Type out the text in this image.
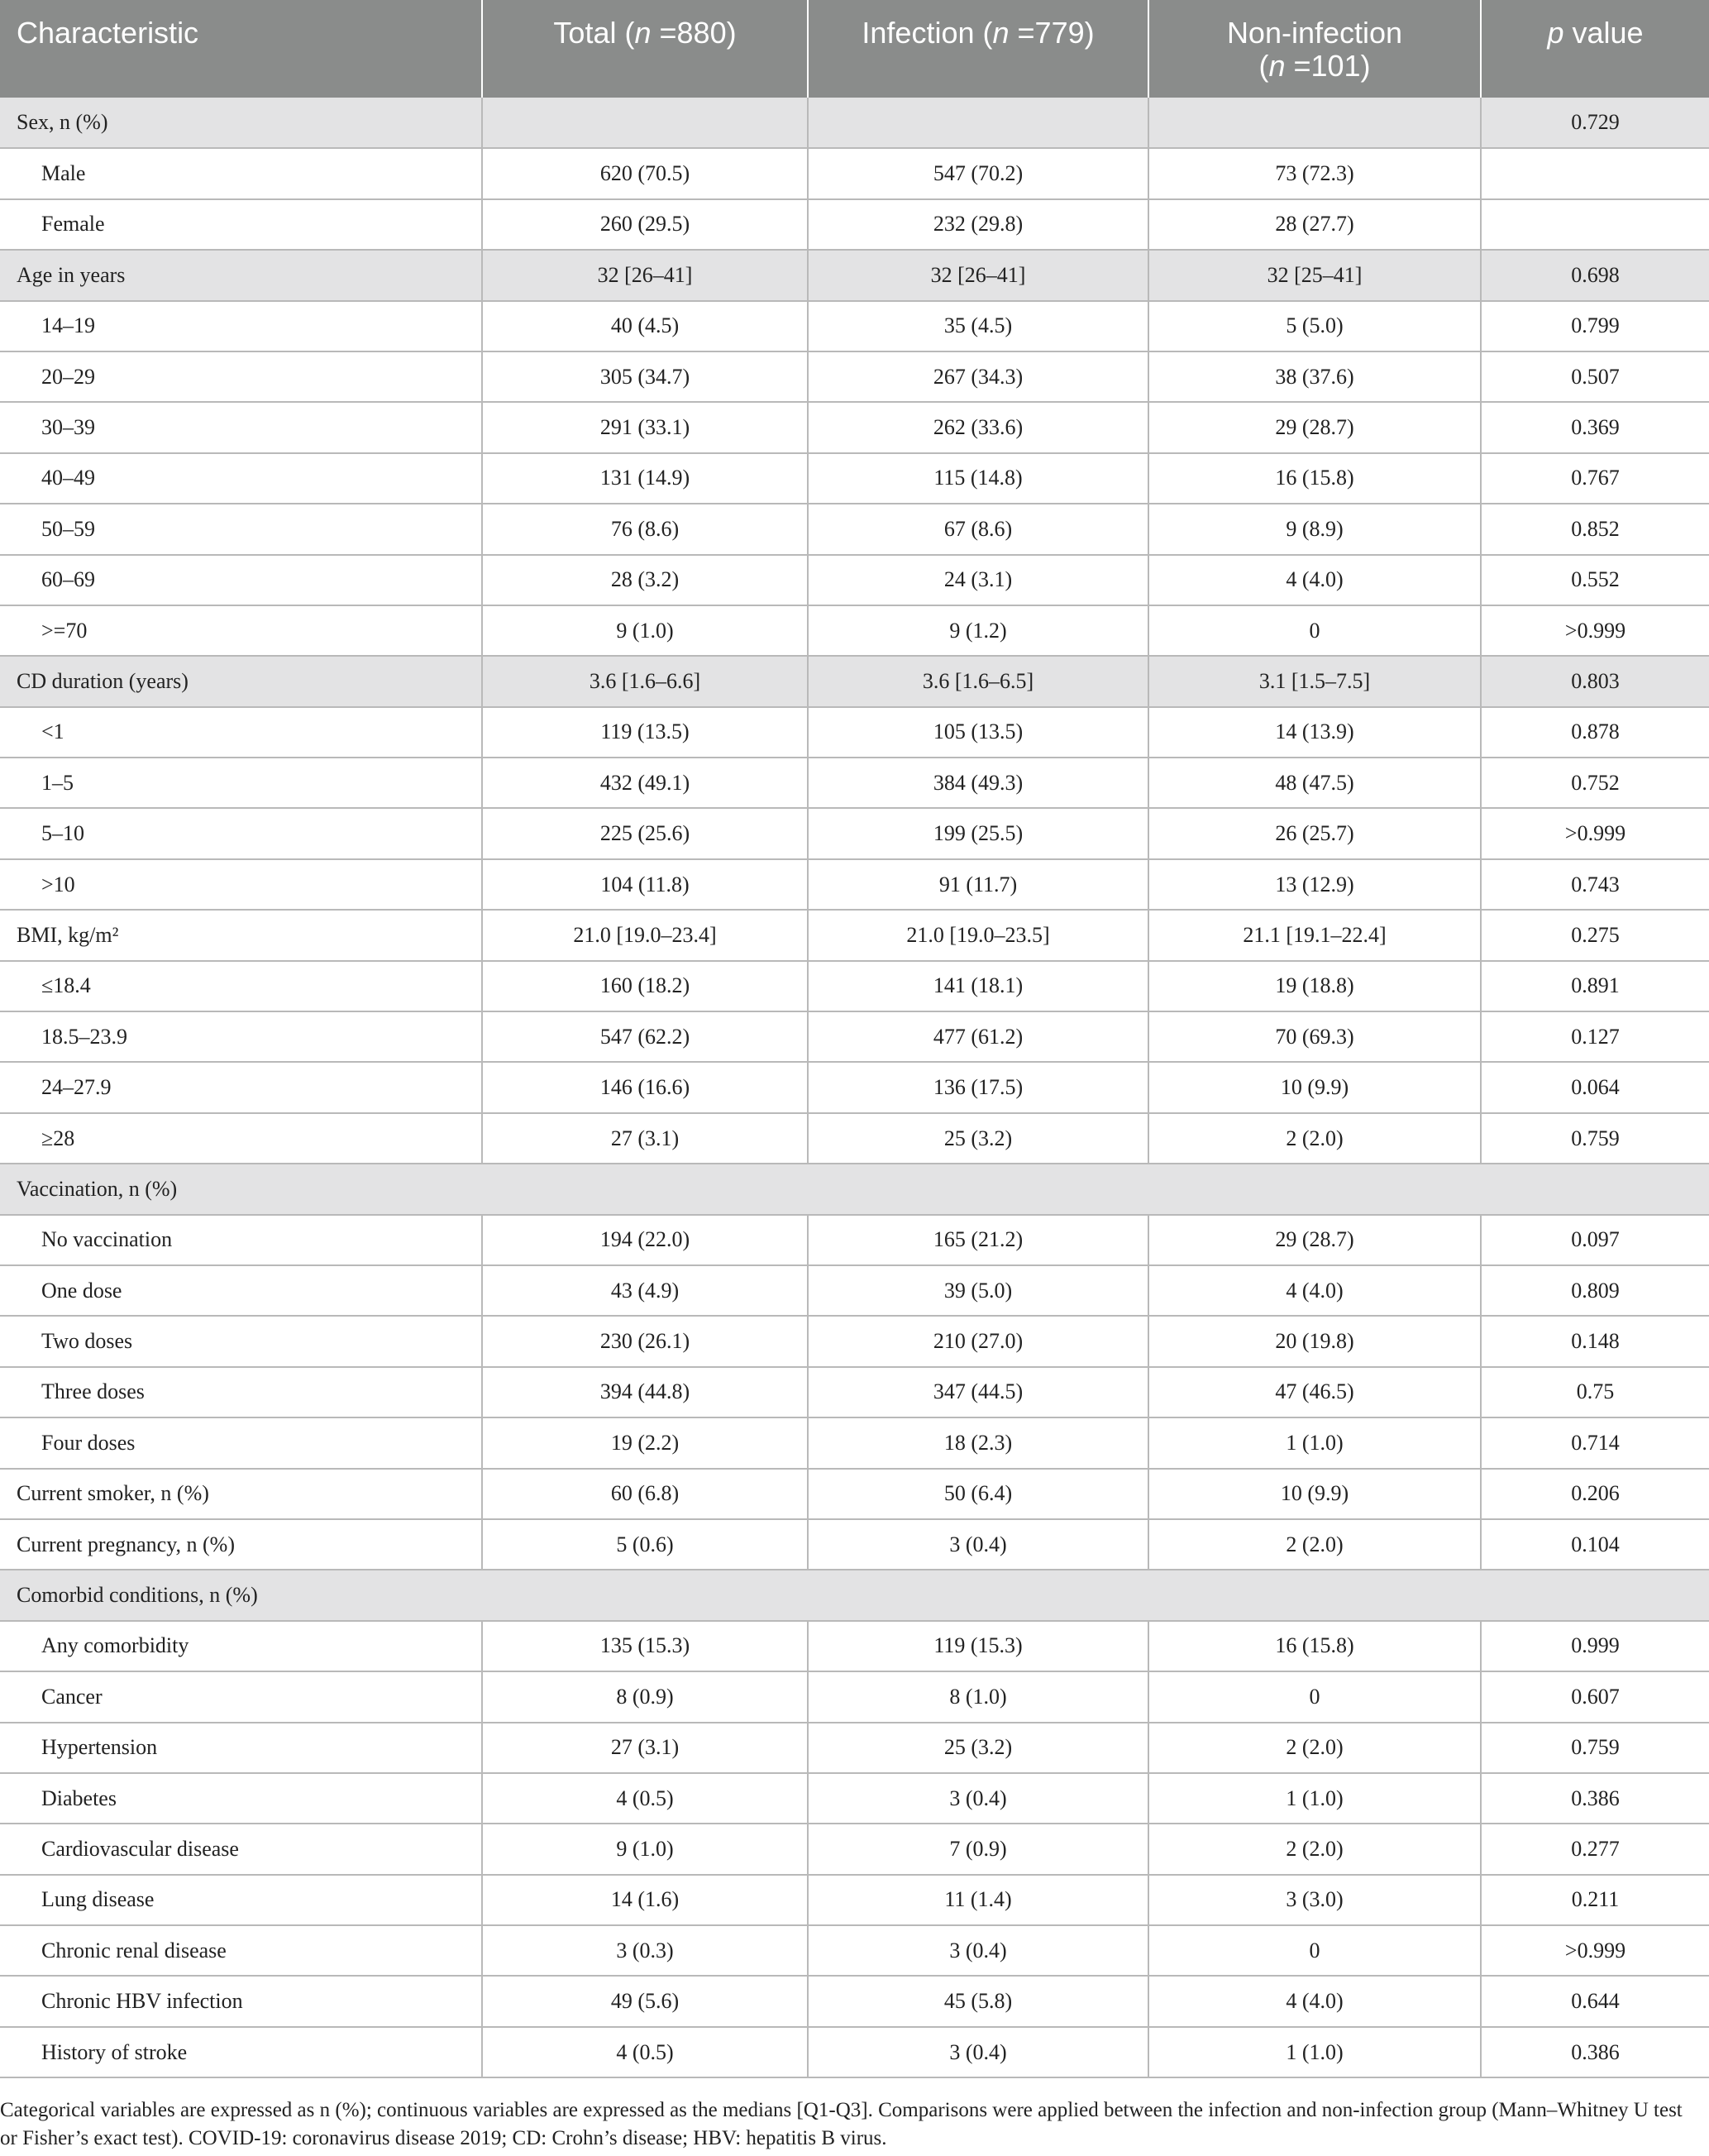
Characteristic	Total (n =880)	Infection (n =779)	Non-infection
(n =101)	p value
Sex, n (%)				0.729
Male	620 (70.5)	547 (70.2)	73 (72.3)	
Female	260 (29.5)	232 (29.8)	28 (27.7)	
Age in years	32 [26–41]	32 [26–41]	32 [25–41]	0.698
14–19	40 (4.5)	35 (4.5)	5 (5.0)	0.799
20–29	305 (34.7)	267 (34.3)	38 (37.6)	0.507
30–39	291 (33.1)	262 (33.6)	29 (28.7)	0.369
40–49	131 (14.9)	115 (14.8)	16 (15.8)	0.767
50–59	76 (8.6)	67 (8.6)	9 (8.9)	0.852
60–69	28 (3.2)	24 (3.1)	4 (4.0)	0.552
>=70	9 (1.0)	9 (1.2)	0	>0.999
CD duration (years)	3.6 [1.6–6.6]	3.6 [1.6–6.5]	3.1 [1.5–7.5]	0.803
<1	119 (13.5)	105 (13.5)	14 (13.9)	0.878
1–5	432 (49.1)	384 (49.3)	48 (47.5)	0.752
5–10	225 (25.6)	199 (25.5)	26 (25.7)	>0.999
>10	104 (11.8)	91 (11.7)	13 (12.9)	0.743
BMI, kg/m²	21.0 [19.0–23.4]	21.0 [19.0–23.5]	21.1 [19.1–22.4]	0.275
≤18.4	160 (18.2)	141 (18.1)	19 (18.8)	0.891
18.5–23.9	547 (62.2)	477 (61.2)	70 (69.3)	0.127
24–27.9	146 (16.6)	136 (17.5)	10 (9.9)	0.064
≥28	27 (3.1)	25 (3.2)	2 (2.0)	0.759
Vaccination, n (%)				
No vaccination	194 (22.0)	165 (21.2)	29 (28.7)	0.097
One dose	43 (4.9)	39 (5.0)	4 (4.0)	0.809
Two doses	230 (26.1)	210 (27.0)	20 (19.8)	0.148
Three doses	394 (44.8)	347 (44.5)	47 (46.5)	0.75
Four doses	19 (2.2)	18 (2.3)	1 (1.0)	0.714
Current smoker, n (%)	60 (6.8)	50 (6.4)	10 (9.9)	0.206
Current pregnancy, n (%)	5 (0.6)	3 (0.4)	2 (2.0)	0.104
Comorbid conditions, n (%)				
Any comorbidity	135 (15.3)	119 (15.3)	16 (15.8)	0.999
Cancer	8 (0.9)	8 (1.0)	0	0.607
Hypertension	27 (3.1)	25 (3.2)	2 (2.0)	0.759
Diabetes	4 (0.5)	3 (0.4)	1 (1.0)	0.386
Cardiovascular disease	9 (1.0)	7 (0.9)	2 (2.0)	0.277
Lung disease	14 (1.6)	11 (1.4)	3 (3.0)	0.211
Chronic renal disease	3 (0.3)	3 (0.4)	0	>0.999
Chronic HBV infection	49 (5.6)	45 (5.8)	4 (4.0)	0.644
History of stroke	4 (0.5)	3 (0.4)	1 (1.0)	0.386
Categorical variables are expressed as n (%); continuous variables are expressed as the medians [Q1-Q3]. Comparisons were applied between the infection and non-infection group (Mann–Whitney U test or Fisher’s exact test). COVID-19: coronavirus disease 2019; CD: Crohn’s disease; HBV: hepatitis B virus.
